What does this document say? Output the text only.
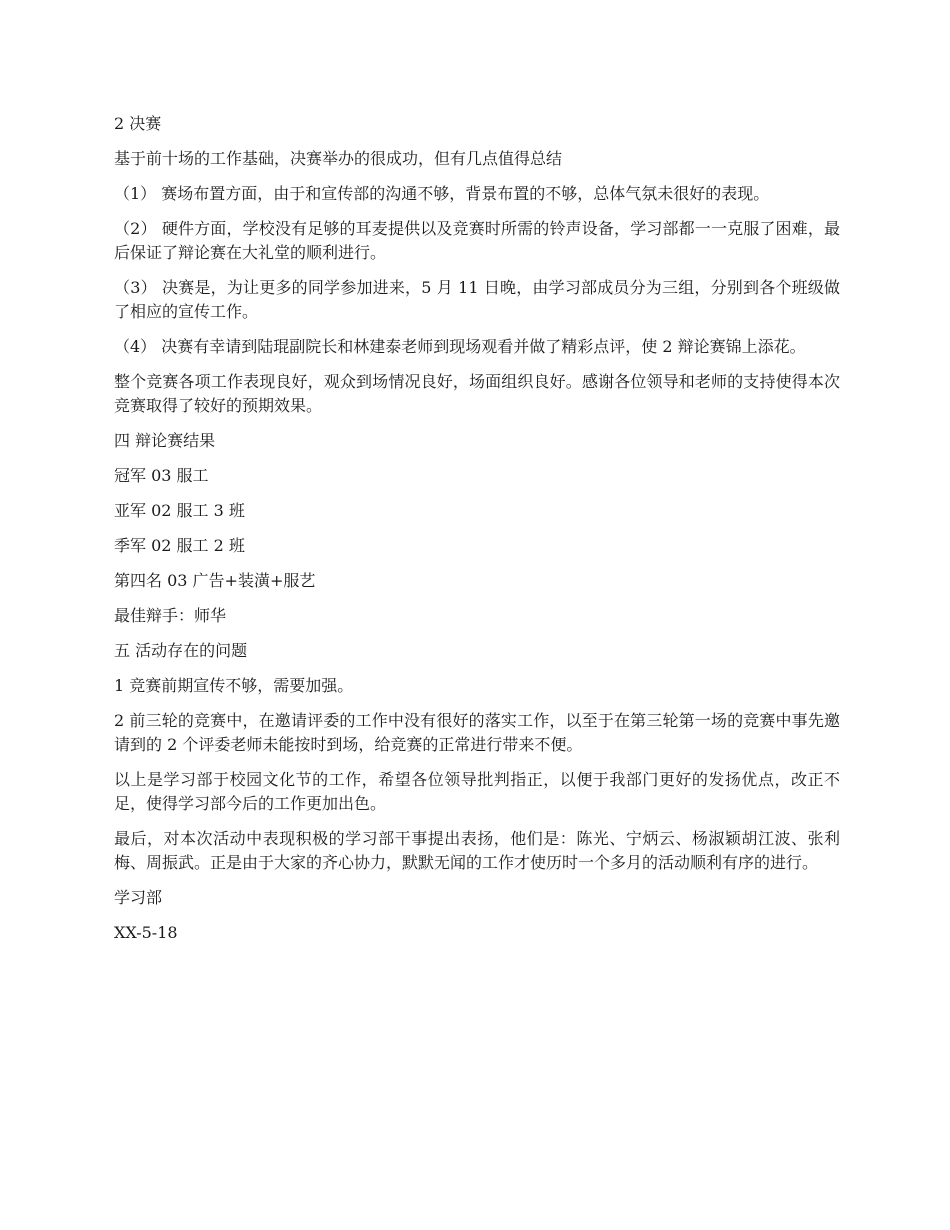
2 决赛

基于前十场的工作基础，决赛举办的很成功，但有几点值得总结

（1） 赛场布置方面，由于和宣传部的沟通不够，背景布置的不够，总体气氛未很好的表现。

（2） 硬件方面，学校没有足够的耳麦提供以及竞赛时所需的铃声设备，学习部都一一克服了困难，最后保证了辩论赛在大礼堂的顺利进行。

（3） 决赛是，为让更多的同学参加进来，5 月 11 日晚，由学习部成员分为三组，分别到各个班级做了相应的宣传工作。

（4） 决赛有幸请到陆琨副院长和林建泰老师到现场观看并做了精彩点评，使 2 辩论赛锦上添花。

整个竞赛各项工作表现良好，观众到场情况良好，场面组织良好。感谢各位领导和老师的支持使得本次竞赛取得了较好的预期效果。

四 辩论赛结果

冠军 03 服工

亚军 02 服工 3 班

季军 02 服工 2 班

第四名 03 广告+装潢+服艺

最佳辩手：师华

五 活动存在的问题

1 竞赛前期宣传不够，需要加强。

2 前三轮的竞赛中，在邀请评委的工作中没有很好的落实工作，以至于在第三轮第一场的竞赛中事先邀请到的 2 个评委老师未能按时到场，给竞赛的正常进行带来不便。

以上是学习部于校园文化节的工作，希望各位领导批判指正，以便于我部门更好的发扬优点，改正不足，使得学习部今后的工作更加出色。

最后，对本次活动中表现积极的学习部干事提出表扬，他们是：陈光、宁炳云、杨淑颖胡江波、张利梅、周振武。正是由于大家的齐心协力，默默无闻的工作才使历时一个多月的活动顺利有序的进行。

学习部

XX-5-18
